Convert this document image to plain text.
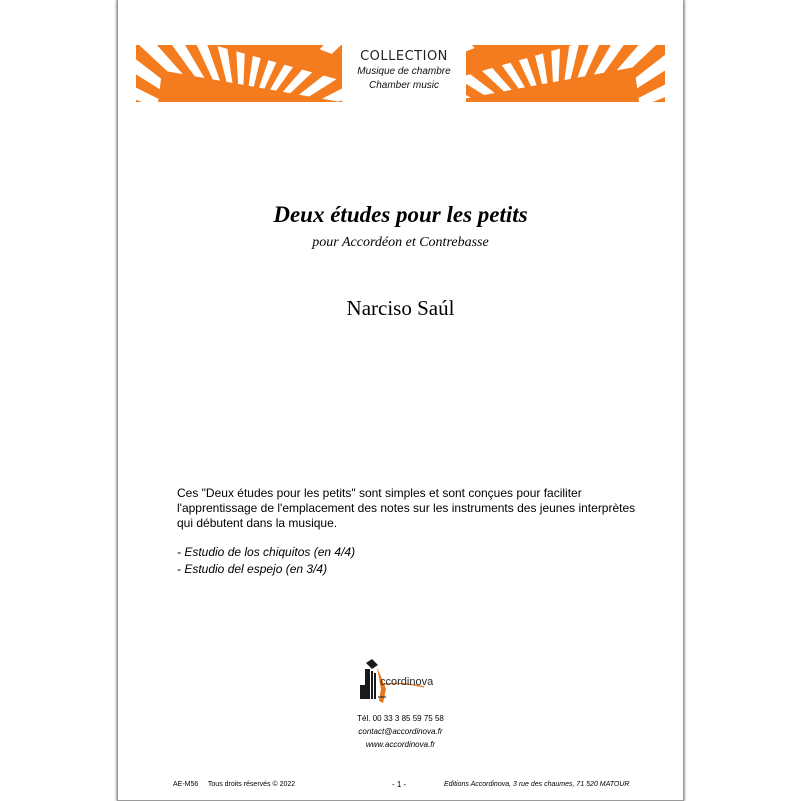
COLLECTION
Musique de chambre
Chamber music
Deux études pour les petits
pour Accordéon et Contrebasse
Narciso Saúl
Ces "Deux études pour les petits" sont simples et sont conçues pour faciliter l'apprentissage de l'emplacement des notes sur les instruments des jeunes interprètes qui débutent dans la musique.
- Estudio de los chiquitos (en 4/4)
- Estudio del espejo (en 3/4)
ccordinova
Tél. 00 33 3 85 59 75 58
contact@accordinova.fr
www.accordinova.fr
AE-M56 Tous droits réservés © 2022	- 1 -	Editions Accordinova, 3 rue des chaumes, 71 520 MATOUR
